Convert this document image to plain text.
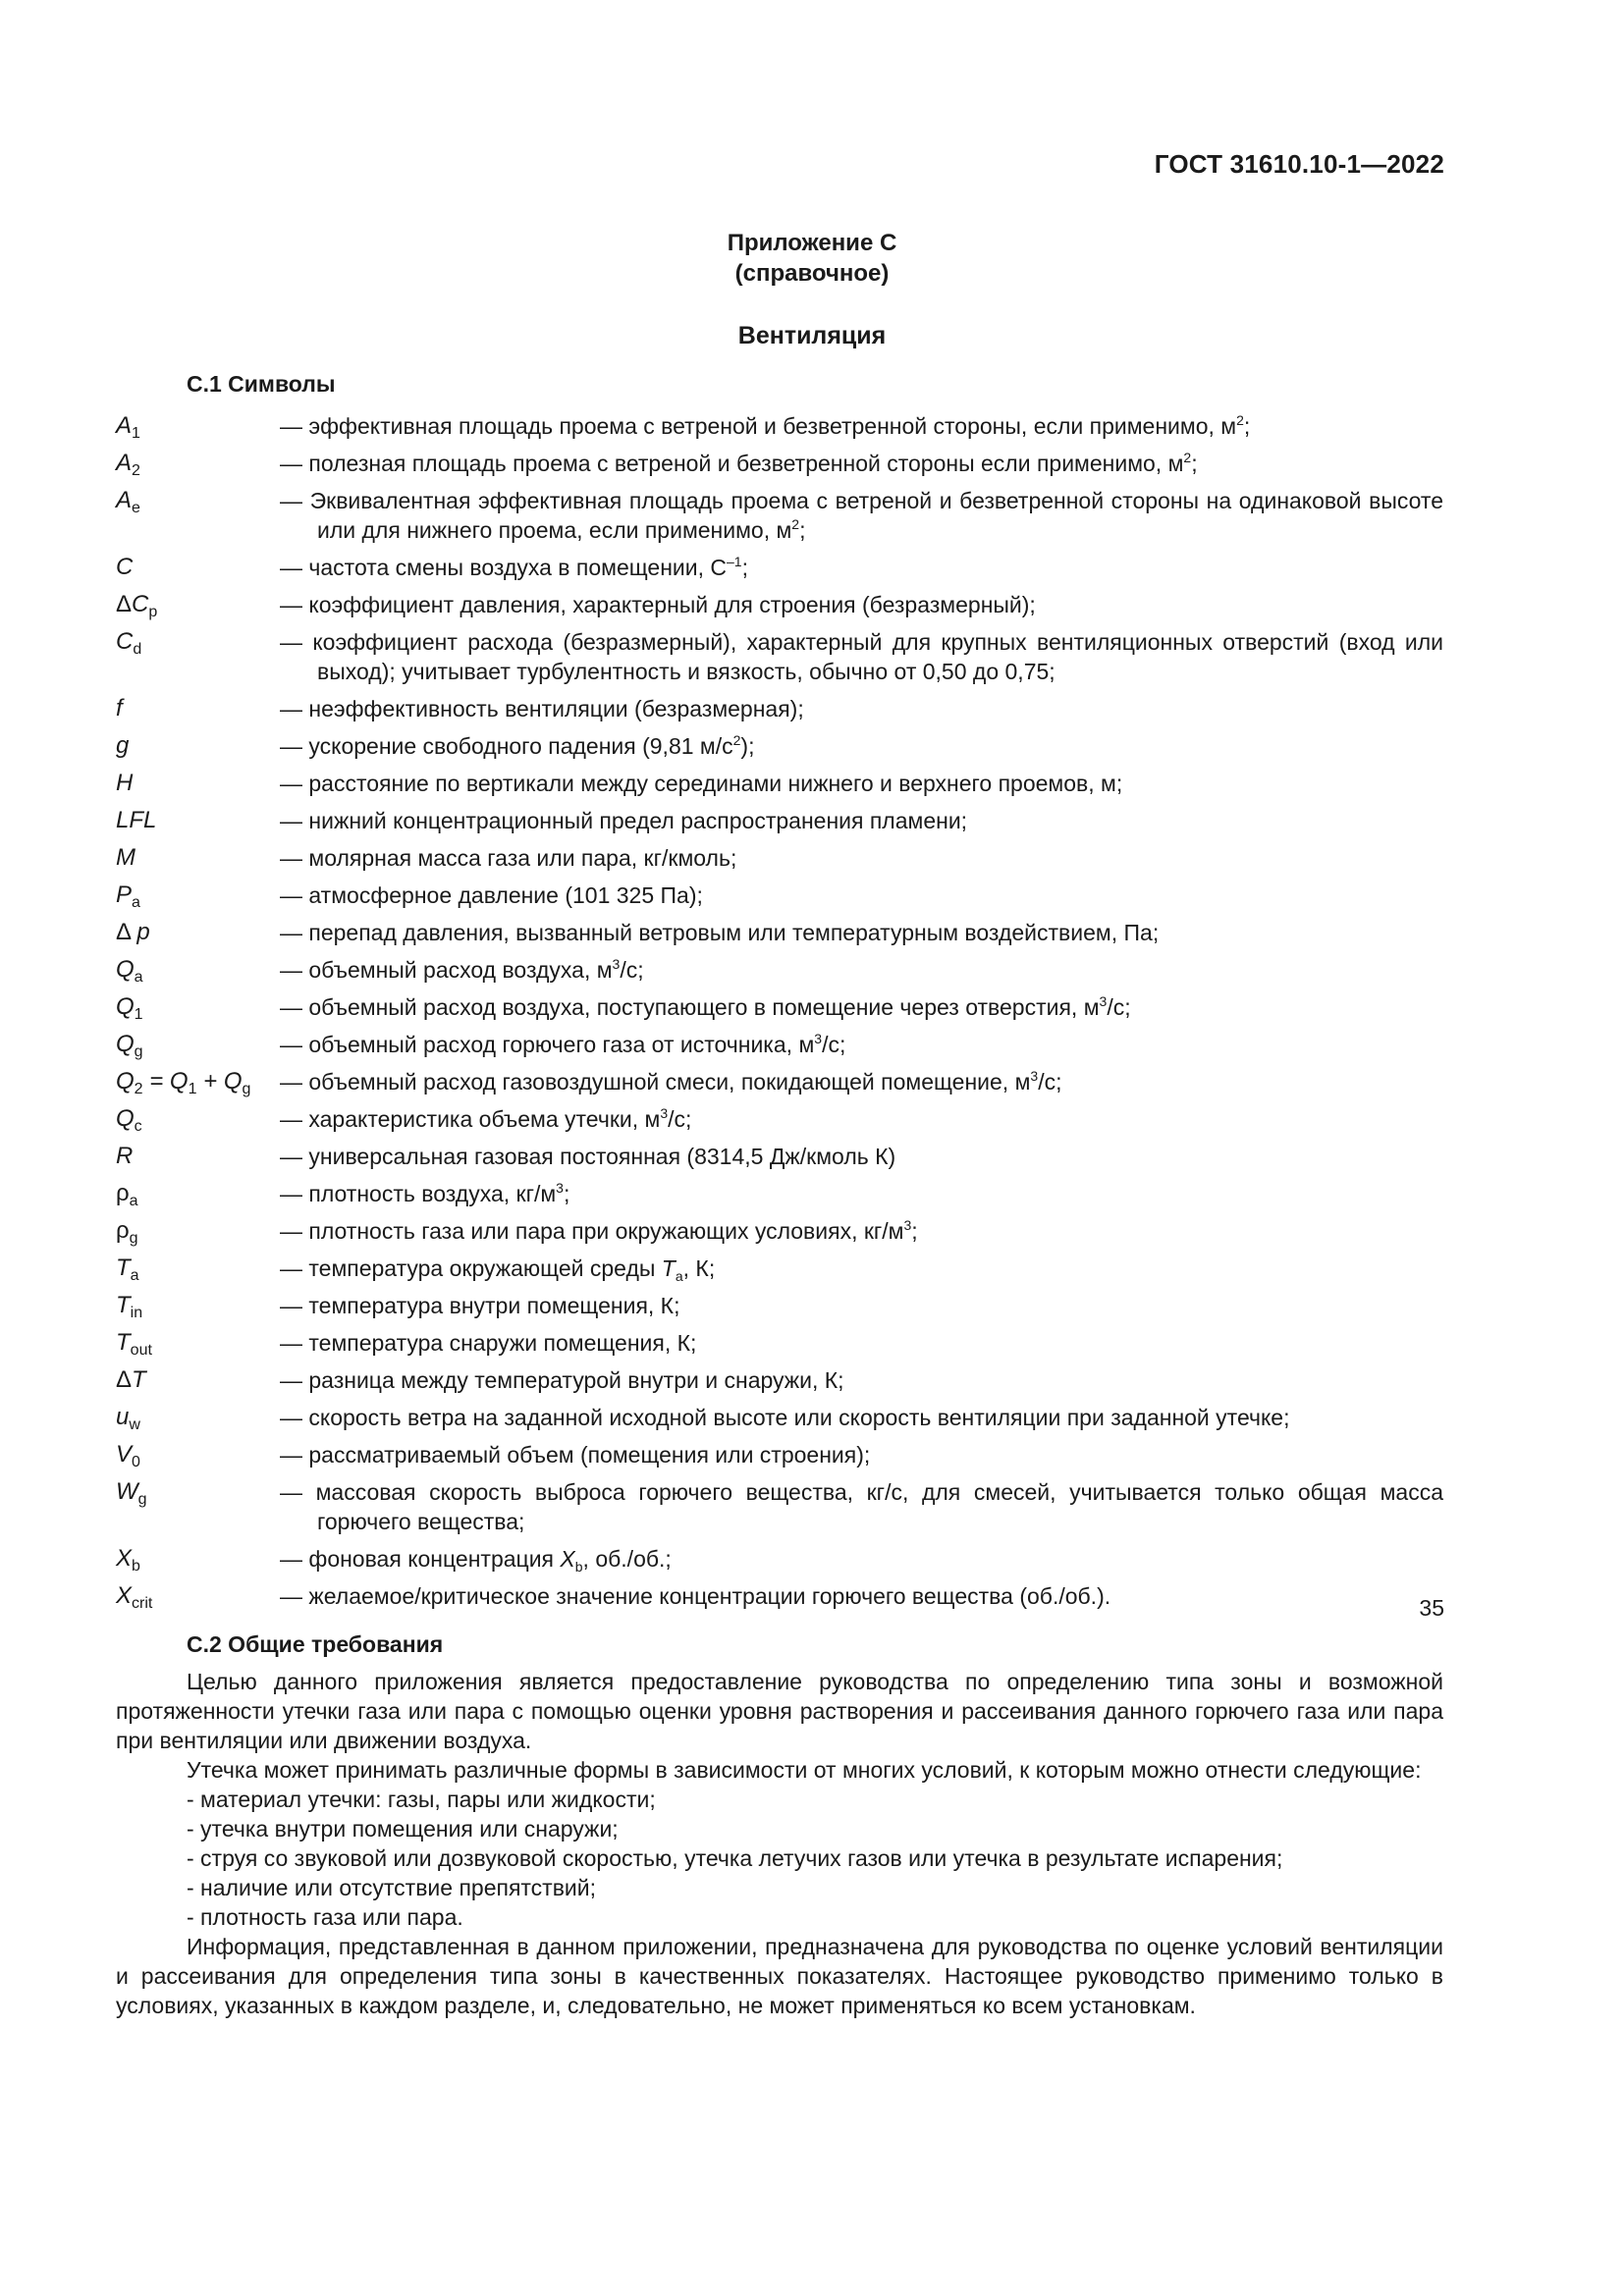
ГОСТ 31610.10-1—2022
Приложение C
(справочное)
Вентиляция
C.1 Символы
$A_1$	— эффективная площадь проема с ветреной и безветренной стороны, если применимо, $м^2$;
$A_2$	— полезная площадь проема с ветреной и безветренной стороны если применимо, $м^2$;
$A_e$	— Эквивалентная эффективная площадь проема с ветреной и безветренной стороны на одинаковой высоте или для нижнего проема, если применимо, $м^2$;
C	— частота смены воздуха в помещении, $С^{-1}$;
$\Delta C_p$	— коэффициент давления, характерный для строения (безразмерный);
$C_d$	— коэффициент расхода (безразмерный), характерный для крупных вентиляционных отверстий (вход или выход); учитывает турбулентность и вязкость, обычно от 0,50 до 0,75;
f	— неэффективность вентиляции (безразмерная);
g	— ускорение свободного падения (9,81 $м/с^2$);
H	— расстояние по вертикали между серединами нижнего и верхнего проемов, м;
LFL	— нижний концентрационный предел распространения пламени;
M	— молярная масса газа или пара, кг/кмоль;
$P_a$	— атмосферное давление (101 325 Па);
Δ p	— перепад давления, вызванный ветровым или температурным воздействием, Па;
$Q_a$	— объемный расход воздуха, $м^3/с$;
$Q_1$	— объемный расход воздуха, поступающего в помещение через отверстия, $м^3/с$;
$Q_g$	— объемный расход горючего газа от источника, $м^3/с$;
$Q_2 = Q_1 + Q_g$	— объемный расход газовоздушной смеси, покидающей помещение, $м^3/с$;
$Q_c$	— характеристика объема утечки, $м^3/с$;
R	— универсальная газовая постоянная (8314,5 Дж/кмоль К)
$\rho_a$	— плотность воздуха, $кг/м^3$;
$\rho_g$	— плотность газа или пара при окружающих условиях, $кг/м^3$;
$T_a$	— температура окружающей среды $T_a$, К;
$T_{in}$	— температура внутри помещения, К;
$T_{out}$	— температура снаружи помещения, К;
ΔT	— разница между температурой внутри и снаружи, К;
$u_w$	— скорость ветра на заданной исходной высоте или скорость вентиляции при заданной утечке;
$V_0$	— рассматриваемый объем (помещения или строения);
$W_g$	— массовая скорость выброса горючего вещества, кг/с, для смесей, учитывается только общая масса горючего вещества;
$X_b$	— фоновая концентрация $X_b$, об./об.;
$X_{crit}$	— желаемое/критическое значение концентрации горючего вещества (об./об.).
C.2 Общие требования

Целью данного приложения является предоставление руководства по определению типа зоны и возможной протяженности утечки газа или пара с помощью оценки уровня растворения и рассеивания данного горючего газа или пара при вентиляции или движении воздуха.

Утечка может принимать различные формы в зависимости от многих условий, к которым можно отнести следующие:

- материал утечки: газы, пары или жидкости;

- утечка внутри помещения или снаружи;

- струя со звуковой или дозвуковой скоростью, утечка летучих газов или утечка в результате испарения;

- наличие или отсутствие препятствий;

- плотность газа или пара.

Информация, представленная в данном приложении, предназначена для руководства по оценке условий вентиляции и рассеивания для определения типа зоны в качественных показателях. Настоящее руководство применимо только в условиях, указанных в каждом разделе, и, следовательно, не может применяться ко всем установкам.

35
